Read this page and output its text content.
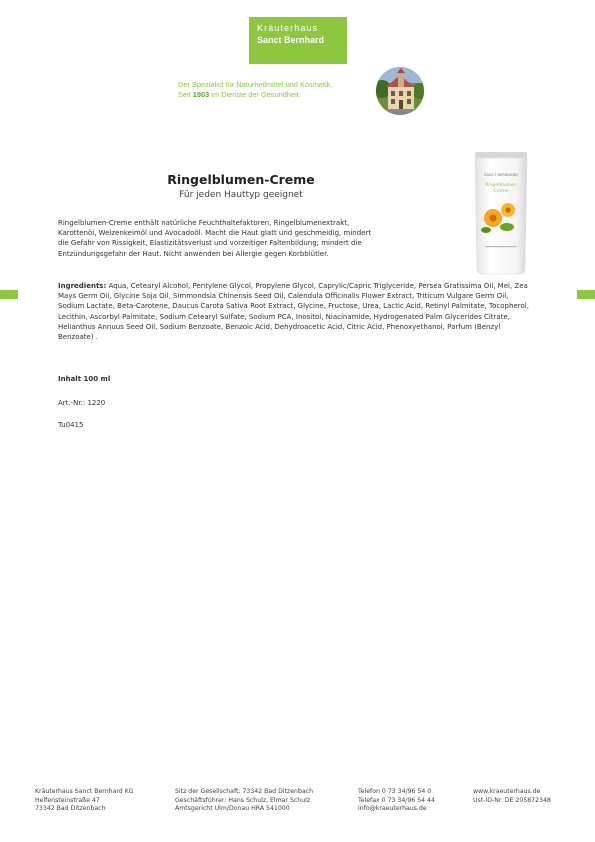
Kräuterhaus
Sanct Bernhard
Der Spezialist für Naturheilmittel und Kosmetik.
Seit 1903 im Dienste der Gesundheit.
Ringelblumen-Creme
Für jeden Hauttyp geeignet
SANCT BERNHARD
Ringelblumen
Creme
Ringelblumen-Creme enthält natürliche Feuchthaltefaktoren, Ringelblumenextrakt,
Karottenöl, Weizenkeimöl und Avocadoöl. Macht die Haut glatt und geschmeidig, mindert
die Gefahr von Rissigkeit, Elastizitätsverlust und vorzeitiger Faltenbildung; mindert die
Entzündungsgefahr der Haut. Nicht anwenden bei Allergie gegen Korbblütler.
Ingredients: Aqua, Cetearyl Alcohol, Pentylene Glycol, Propylene Glycol, Caprylic/Capric Triglyceride, Persea Gratissima Oil, Mel, Zea Mays Germ Oil, Glycine Soja Oil, Simmondsia Chinensis Seed Oil, Calendula Officinalis Flower Extract, Triticum Vulgare Germ Oil, Sodium Lactate, Beta-Carotene, Daucus Carota Sativa Root Extract, Glycine, Fructose, Urea, Lactic Acid, Retinyl Palmitate, Tocopherol, Lecithin, Ascorbyl Palmitate, Sodium Cetearyl Sulfate, Sodium PCA, Inositol, Niacinamide, Hydrogenated Palm Glycerides Citrate, Helianthus Annuus Seed Oil, Sodium Benzoate, Benzoic Acid, Dehydroacetic Acid, Citric Acid, Phenoxyethanol, Parfum (Benzyl Benzoate) .
Inhalt 100 ml
Art.-Nr.: 1220
Tu0415
Kräuterhaus Sanct Bernhard KG
Helfensteinstraße 47
73342 Bad Ditzenbach
Sitz der Gesellschaft: 73342 Bad Ditzenbach
Geschäftsführer: Hans Schulz, Elmar Schulz
Amtsgericht Ulm/Donau HRA 541000
Telefon 0 73 34/96 54 0
Telefax 0 73 34/96 54 44
info@kraeuterhaus.de
www.kraeuterhaus.de
Ust-ID-Nr. DE 205872348
